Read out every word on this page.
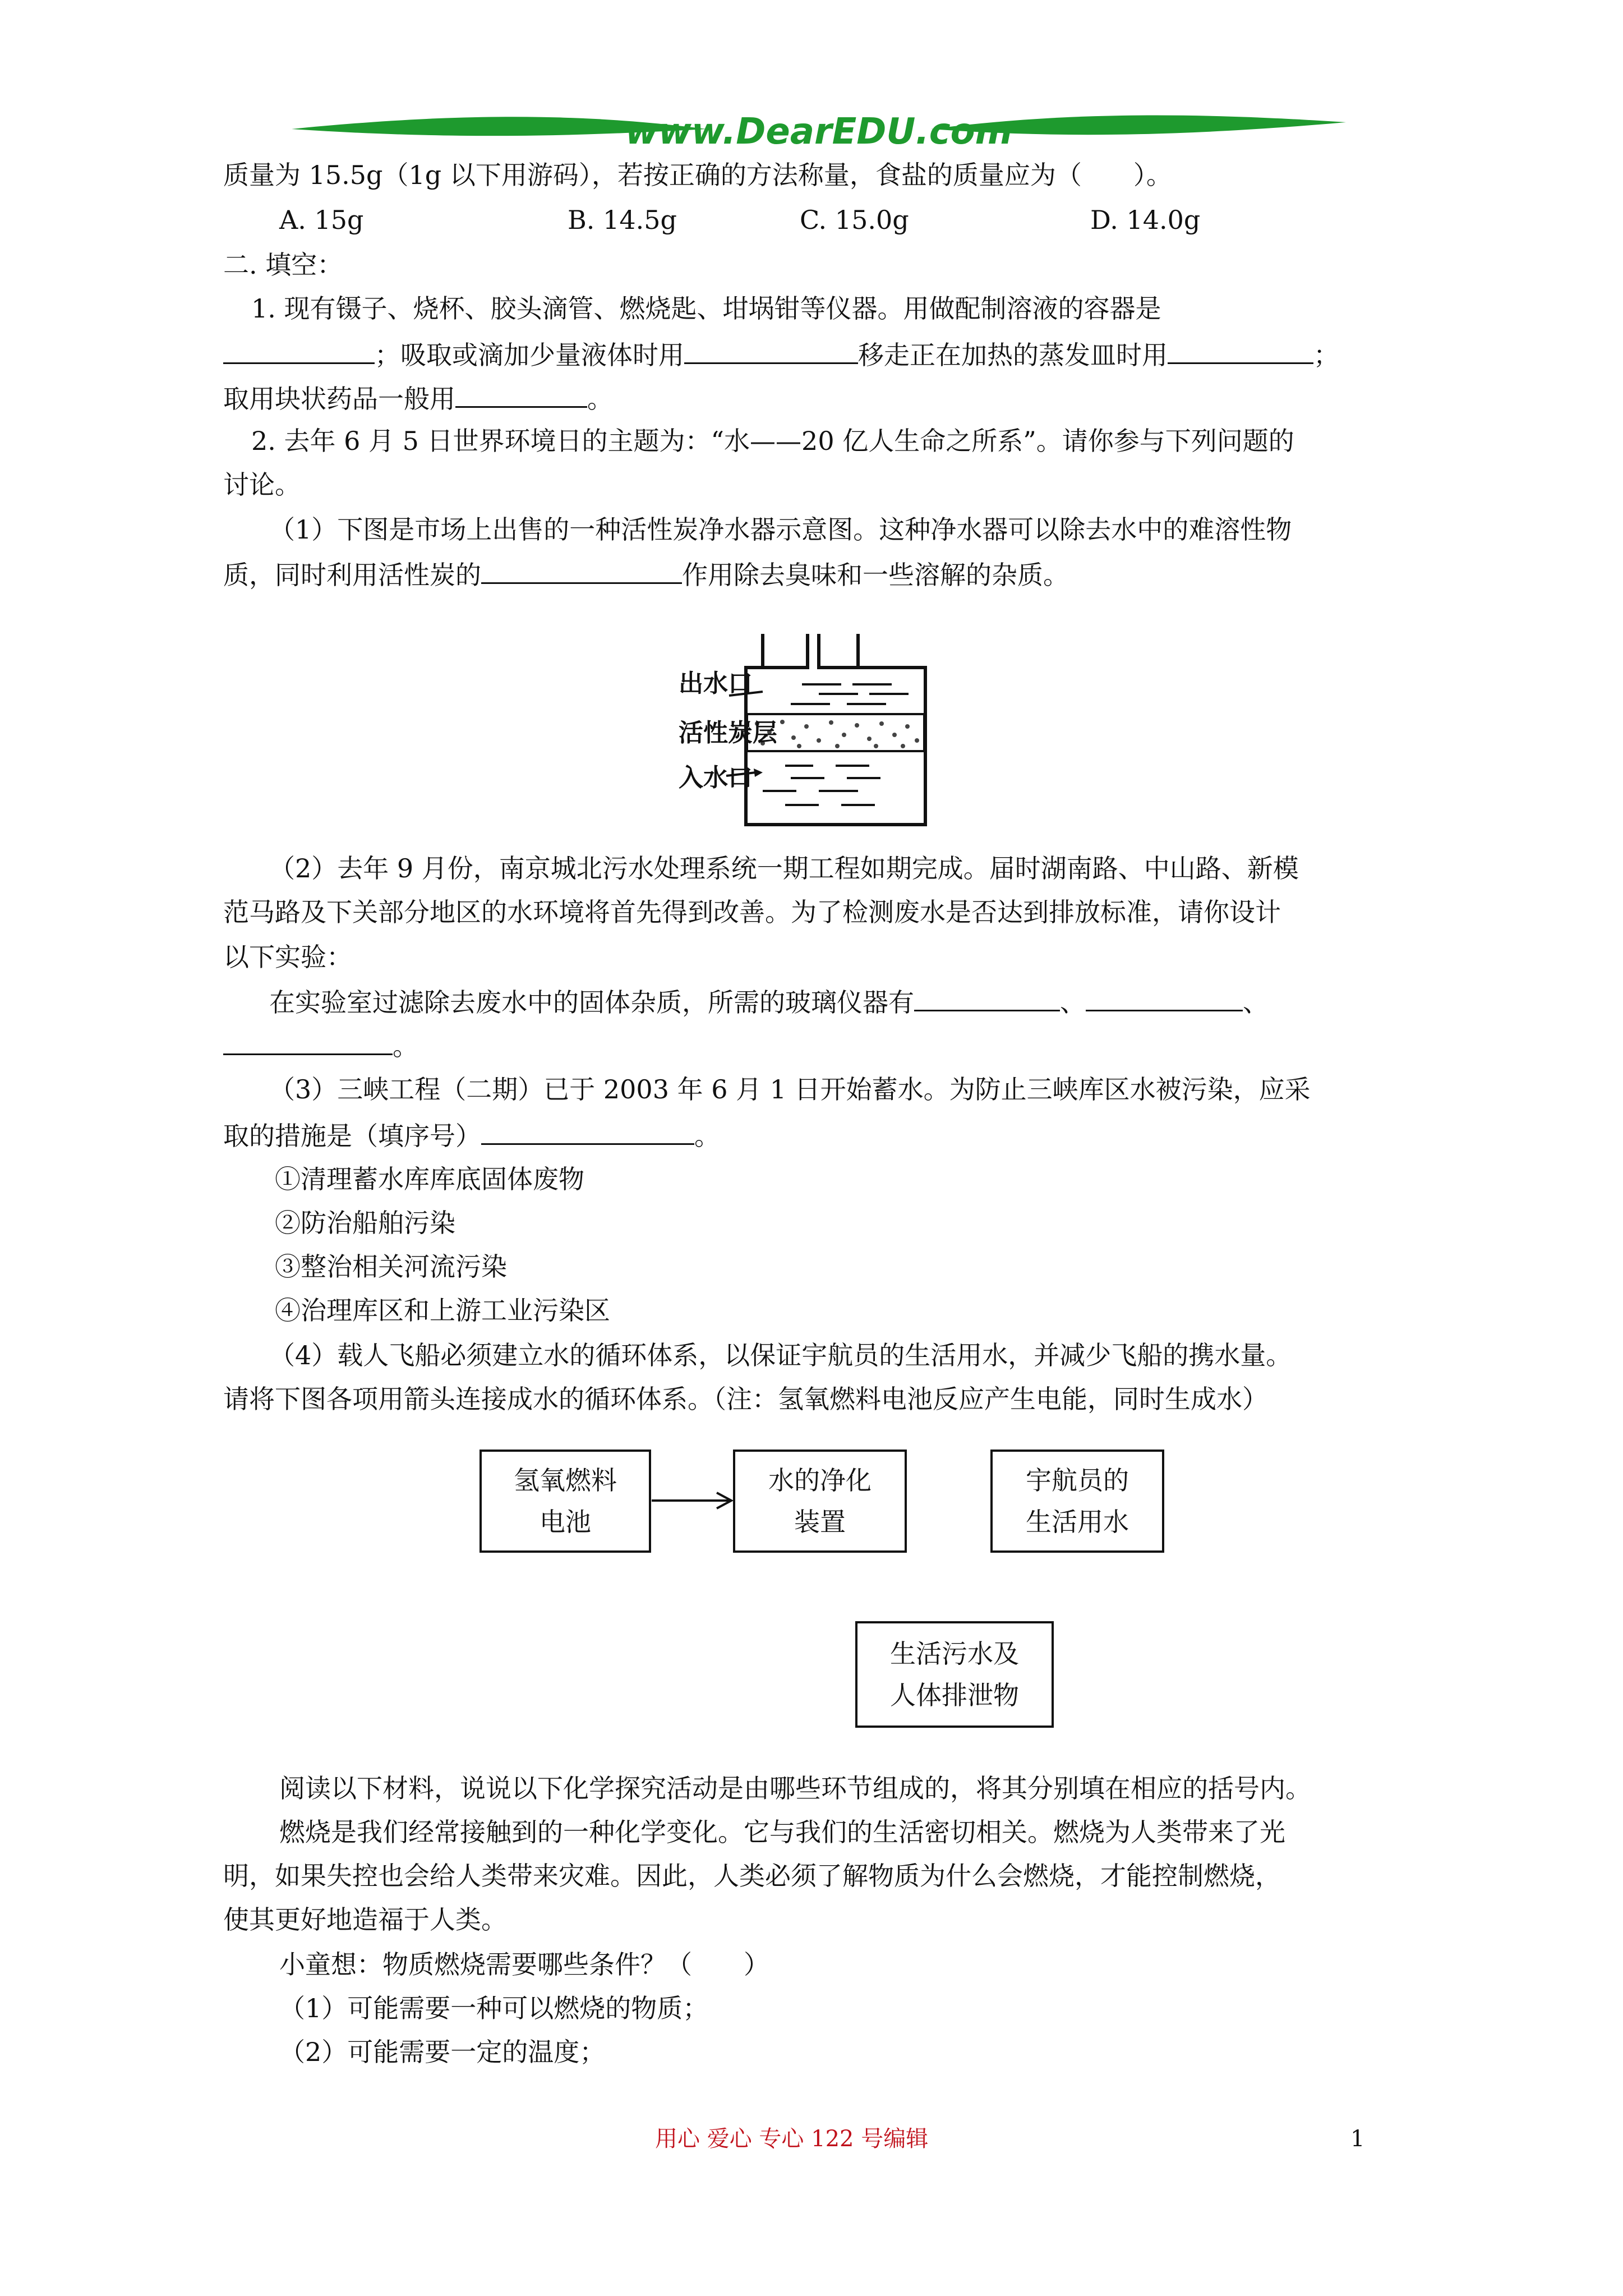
www.DearEDU.com
质量为 15.5g（1g 以下用游码），若按正确的方法称量，食盐的质量应为（　　）。
A. 15g	B. 14.5g	C. 15.0g	D. 14.0g
二. 填空：
1. 现有镊子、烧杯、胶头滴管、燃烧匙、坩埚钳等仪器。用做配制溶液的容器是
；吸取或滴加少量液体时用	移走正在加热的蒸发皿时用	；
取用块状药品一般用	。
2. 去年 6 月 5 日世界环境日的主题为：“水——20 亿人生命之所系”。请你参与下列问题的
讨论。
（1）下图是市场上出售的一种活性炭净水器示意图。这种净水器可以除去水中的难溶性物
质，同时利用活性炭的	作用除去臭味和一些溶解的杂质。
出水口
活性炭层
入水口
（2）去年 9 月份，南京城北污水处理系统一期工程如期完成。届时湖南路、中山路、新模
范马路及下关部分地区的水环境将首先得到改善。为了检测废水是否达到排放标准，请你设计
以下实验：
在实验室过滤除去废水中的固体杂质，所需的玻璃仪器有	、	、
。
（3）三峡工程（二期）已于 2003 年 6 月 1 日开始蓄水。为防止三峡库区水被污染，应采
取的措施是（填序号）	。
①清理蓄水库库底固体废物
②防治船舶污染
③整治相关河流污染
④治理库区和上游工业污染区
（4）载人飞船必须建立水的循环体系，以保证宇航员的生活用水，并减少飞船的携水量。
请将下图各项用箭头连接成水的循环体系。（注：氢氧燃料电池反应产生电能，同时生成水）
氢氧燃料
电池
水的净化
装置
宇航员的
生活用水
生活污水及
人体排泄物
阅读以下材料，说说以下化学探究活动是由哪些环节组成的，将其分别填在相应的括号内。
燃烧是我们经常接触到的一种化学变化。它与我们的生活密切相关。燃烧为人类带来了光
明，如果失控也会给人类带来灾难。因此，人类必须了解物质为什么会燃烧，才能控制燃烧，
使其更好地造福于人类。
小童想：物质燃烧需要哪些条件？（　　）
（1）可能需要一种可以燃烧的物质；
（2）可能需要一定的温度；
用心 爱心 专心 122 号编辑	1
